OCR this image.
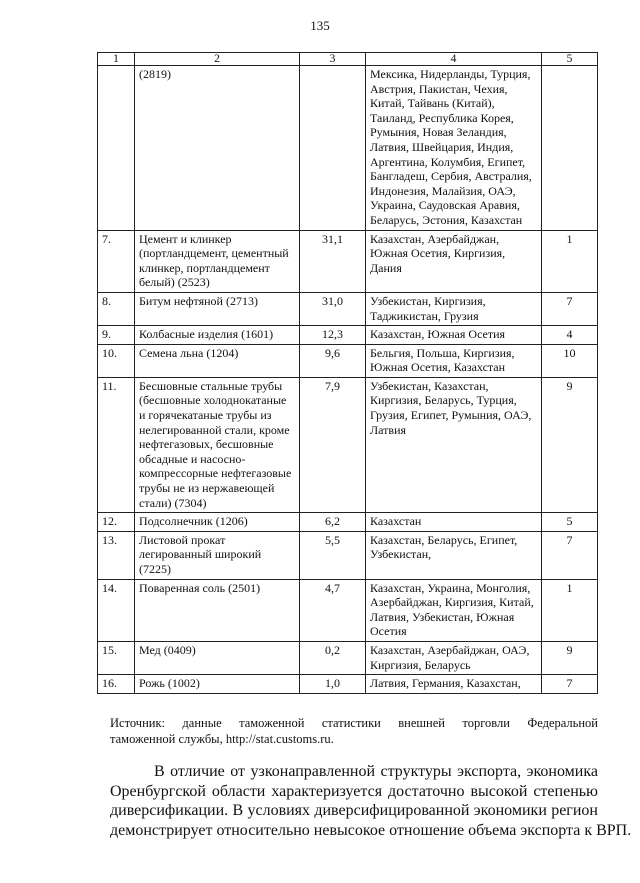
135
1	2	3	4	5
	(2819)		Мексика, Нидерланды, Турция, Австрия, Пакистан, Чехия, Китай, Тайвань (Китай), Таиланд, Республика Корея, Румыния, Новая Зеландия, Латвия, Швейцария, Индия, Аргентина, Колумбия, Египет, Бангладеш, Сербия, Австралия, Индонезия, Малайзия, ОАЭ, Украина, Саудовская Аравия, Беларусь, Эстония, Казахстан	
7.	Цемент и клинкер (портландцемент, цементный клинкер, портландцемент белый) (2523)	31,1	Казахстан, Азербайджан, Южная Осетия, Киргизия, Дания	1
8.	Битум нефтяной (2713)	31,0	Узбекистан, Киргизия, Таджикистан, Грузия	7
9.	Колбасные изделия (1601)	12,3	Казахстан, Южная Осетия	4
10.	Семена льна (1204)	9,6	Бельгия, Польша, Киргизия, Южная Осетия, Казахстан	10
11.	Бесшовные стальные трубы (бесшовные холоднокатаные и горячекатаные трубы из нелегированной стали, кроме нефтегазовых, бесшовные обсадные и насосно-компрессорные нефтегазовые трубы не из нержавеющей стали) (7304)	7,9	Узбекистан, Казахстан, Киргизия, Беларусь, Турция, Грузия, Египет, Румыния, ОАЭ, Латвия	9
12.	Подсолнечник (1206)	6,2	Казахстан	5
13.	Листовой прокат легированный широкий (7225)	5,5	Казахстан, Беларусь, Египет, Узбекистан,	7
14.	Поваренная соль (2501)	4,7	Казахстан, Украина, Монголия, Азербайджан, Киргизия, Китай, Латвия, Узбекистан, Южная Осетия	1
15.	Мед (0409)	0,2	Казахстан, Азербайджан, ОАЭ, Киргизия, Беларусь	9
16.	Рожь (1002)	1,0	Латвия, Германия, Казахстан,	7
Источник: данные таможенной статистики внешней торговли Федеральной
таможенной службы, http://stat.customs.ru.
В отличие от узконаправленной структуры экспорта, экономика
Оренбургской области характеризуется достаточно высокой степенью
диверсификации. В условиях диверсифицированной экономики регион
демонстрирует относительно невысокое отношение объема экспорта к ВРП.
